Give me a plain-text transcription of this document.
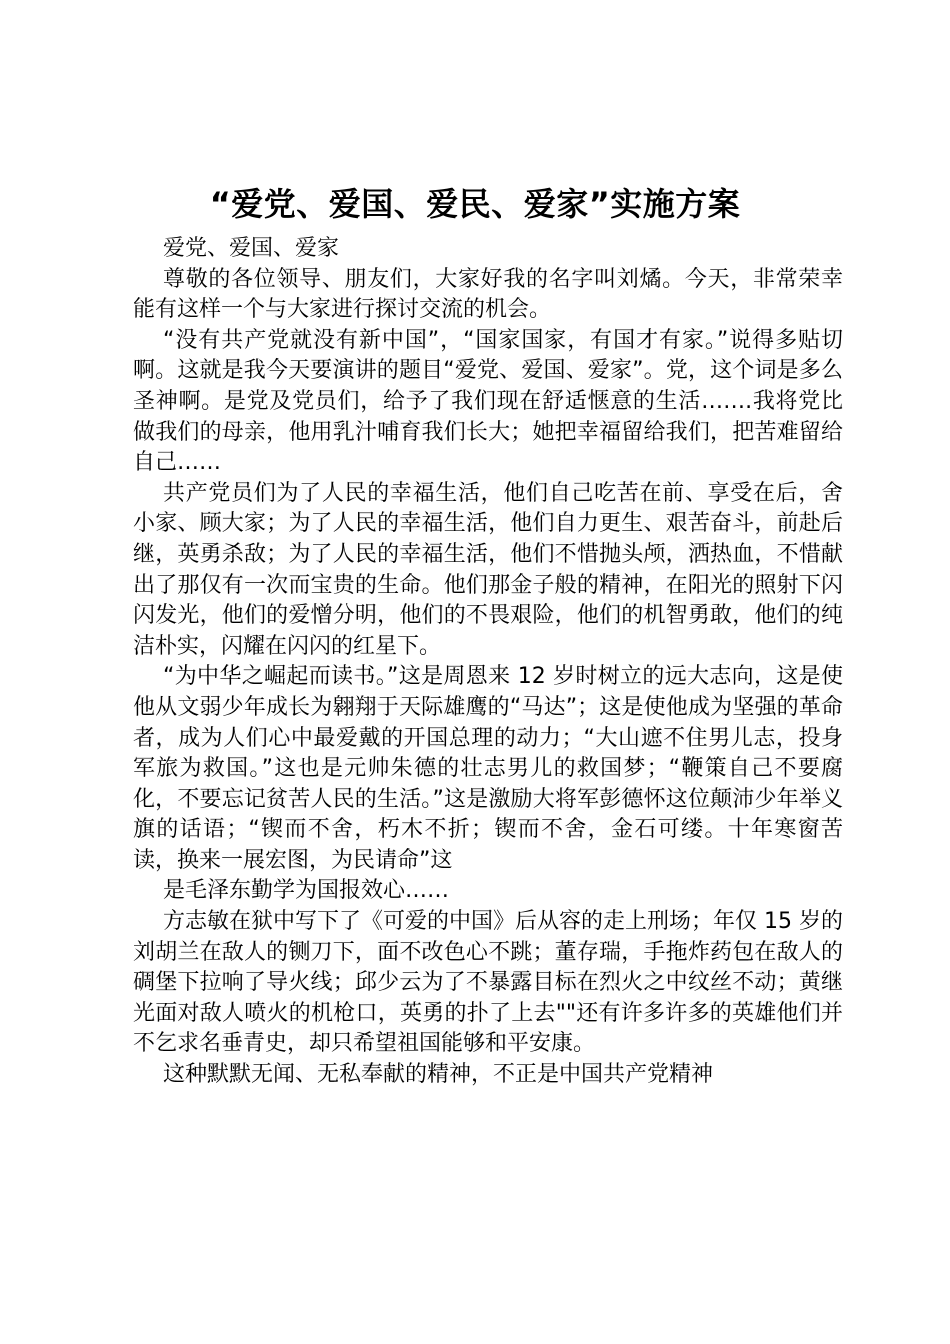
“爱党、爱国、爱民、爱家”实施方案

爱党、爱国、爱家

尊敬的各位领导、朋友们，大家好我的名字叫刘燏。今天，非常荣幸能有这样一个与大家进行探讨交流的机会。

“没有共产党就没有新中国”，“国家国家，有国才有家。”说得多贴切啊。这就是我今天要演讲的题目“爱党、爱国、爱家”。党，这个词是多么圣神啊。是党及党员们，给予了我们现在舒适惬意的生活…….我将党比做我们的母亲，他用乳汁哺育我们长大；她把幸福留给我们，把苦难留给自己……

共产党员们为了人民的幸福生活，他们自己吃苦在前、享受在后，舍小家、顾大家；为了人民的幸福生活，他们自力更生、艰苦奋斗，前赴后继，英勇杀敌；为了人民的幸福生活，他们不惜抛头颅，洒热血，不惜献出了那仅有一次而宝贵的生命。他们那金子般的精神，在阳光的照射下闪闪发光，他们的爱憎分明，他们的不畏艰险，他们的机智勇敢，他们的纯洁朴实，闪耀在闪闪的红星下。

“为中华之崛起而读书。”这是周恩来 12 岁时树立的远大志向，这是使他从文弱少年成长为翱翔于天际雄鹰的“马达”；这是使他成为坚强的革命者，成为人们心中最爱戴的开国总理的动力；“大山遮不住男儿志，投身军旅为救国。”这也是元帅朱德的壮志男儿的救国梦；“鞭策自己不要腐化，不要忘记贫苦人民的生活。”这是激励大将军彭德怀这位颠沛少年举义旗的话语；“锲而不舍，朽木不折；锲而不舍，金石可缕。十年寒窗苦读，换来一展宏图，为民请命”这

是毛泽东勤学为国报效心……

方志敏在狱中写下了《可爱的中国》后从容的走上刑场；年仅 15 岁的刘胡兰在敌人的铡刀下，面不改色心不跳；董存瑞，手拖炸药包在敌人的碉堡下拉响了导火线；邱少云为了不暴露目标在烈火之中纹丝不动；黄继光面对敌人喷火的机枪口，英勇的扑了上去""还有许多许多的英雄他们并不乞求名垂青史，却只希望祖国能够和平安康。

这种默默无闻、无私奉献的精神，不正是中国共产党精神
